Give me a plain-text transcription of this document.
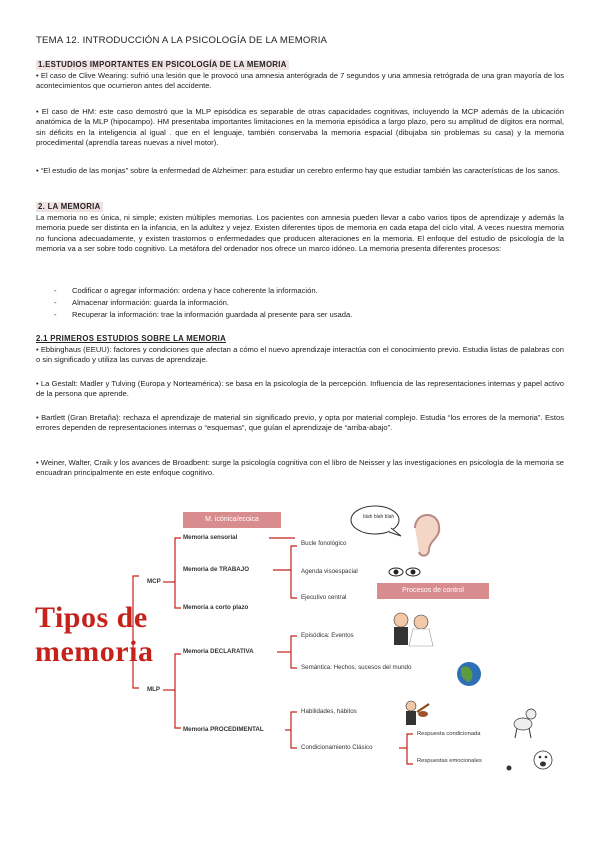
TEMA 12. INTRODUCCIÓN A LA PSICOLOGÍA DE LA MEMORIA
1.ESTUDIOS IMPORTANTES EN PSICOLOGÍA DE LA MEMORIA
• El caso de Clive Wearing: sufrió una lesión que le provocó una amnesia anterógrada de 7 segundos y una amnesia retrógrada de una gran mayoría de los acontecimientos que ocurrieron antes del accidente.
• El caso de HM: este caso demostró que la MLP episódica es separable de otras capacidades cognitivas, incluyendo la MCP además de la ubicación anatómica de la MLP (hipocampo). HM presentaba importantes limitaciones en la memoria episódica a largo plazo, pero su amplitud de dígitos era normal, sin déficits en la inteligencia al igual . que en el lenguaje, también conservaba la memoria espacial (dibujaba sin problemas su casa) y la memoria procedimental (aprendía tareas nuevas a nivel motor).
• “El estudio de las monjas” sobre la enfermedad de Alzheimer: para estudiar un cerebro enfermo hay que estudiar también las características de los sanos.
2. LA MEMORIA
La memoria no es única, ni simple; existen múltiples memorias. Los pacientes con amnesia pueden llevar a cabo varios tipos de aprendizaje y además la memoria puede ser distinta en la infancia, en la adultez y vejez. Existen diferentes tipos de memoria en cada etapa del ciclo vital. A veces nuestra memoria no funciona adecuadamente, y existen trastornos o enfermedades que producen alteraciones en la memoria. El enfoque del estudio de psicología de la memoria va a ser sobre todo cognitivo. La metáfora del ordenador nos ofrece un marco idóneo. La memoria presenta diferentes procesos:
- Codificar o agregar información: ordena y hace coherente la información.
- Almacenar información: guarda la información.
- Recuperar la información: trae la información guardada al presente para ser usada.
2.1 PRIMEROS ESTUDIOS SOBRE LA MEMORIA
• Ebbinghaus (EEUU): factores y condiciones que afectan a cómo el nuevo aprendizaje interactúa con el conocimiento previo. Estudia listas de palabras con o sin significado y utiliza las curvas de aprendizaje.
• La Gestalt: Madler y Tulving (Europa y Norteamérica): se basa en la psicología de la percepción. Influencia de las representaciones internas y papel activo de la persona que aprende.
• Bartlett (Gran Bretaña): rechaza el aprendizaje de material sin significado previo, y opta por material complejo. Estudia “los errores de la memoria”. Estos errores dependen de representaciones internas o “esquemas”, que guían el aprendizaje de “arriba-abajo”.
• Weiner, Walter, Craik y los avances de Broadbent: surge la psicología cognitiva con el libro de Neisser y las investigaciones en psicología de la memoria se encuadran principalmente en este enfoque cognitivo.
Tipos de
memoria
blah blah blah
M. icónica/ecoica
Procesos de control
MCP
MLP
Memoria sensorial
Memoria de TRABAJO
Memoria a corto plazo
Memoria DECLARATIVA
Memoria PROCEDIMENTAL
Bucle fonológico
Agenda visoespacial
Ejecutivo central
Episódica: Eventos
Semántica: Hechos, sucesos del mundo
Habilidades, hábitos
Condicionamiento Clásico
Respuesta condicionada
Respuestas emocionales
